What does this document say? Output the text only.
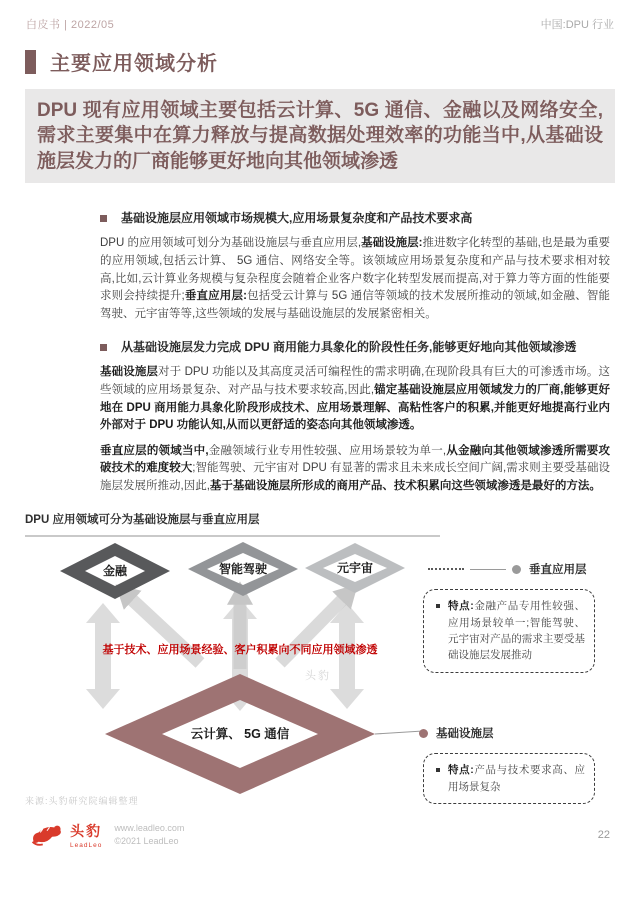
白皮书 | 2022/05	中国:DPU 行业
主要应用领域分析
DPU 现有应用领域主要包括云计算、5G 通信、金融以及网络安全,需求主要集中在算力释放与提高数据处理效率的功能当中,从基础设施层发力的厂商能够更好地向其他领域渗透
基础设施层应用领域市场规模大,应用场景复杂度和产品技术要求高

DPU 的应用领域可划分为基础设施层与垂直应用层,基础设施层:推进数字化转型的基础,也是最为重要的应用领域,包括云计算、 5G 通信、网络安全等。该领域应用场景复杂度和产品与技术要求相对较高,比如,云计算业务规模与复杂程度会随着企业客户数字化转型发展而提高,对于算力等方面的性能要求则会持续提升;垂直应用层:包括受云计算与 5G 通信等领域的技术发展所推动的领域,如金融、智能驾驶、元宇宙等等,这些领域的发展与基础设施层的发展紧密相关。

从基础设施层发力完成 DPU 商用能力具象化的阶段性任务,能够更好地向其他领域渗透

基础设施层对于 DPU 功能以及其高度灵活可编程性的需求明确,在现阶段具有巨大的可渗透市场。这些领域的应用场景复杂、对产品与技术要求较高,因此,锚定基础设施层应用领域发力的厂商,能够更好地在 DPU 商用能力具象化阶段形成技术、应用场景理解、高粘性客户的积累,并能更好地提高行业内外部对于 DPU 功能认知,从而以更舒适的姿态向其他领域渗透。

垂直应层的领域当中,金融领域行业专用性较强、应用场景较为单一,从金融向其他领域渗透所需要攻破技术的难度较大;智能驾驶、元宇宙对 DPU 有显著的需求且未来成长空间广阔,需求则主要受基础设施层发展所推动,因此,基于基础设施层所形成的商用产品、技术积累向这些领域渗透是最好的方法。

DPU 应用领域可分为基础设施层与垂直应用层
金融	智能驾驶	元宇宙
云计算、 5G 通信
基于技术、应用场景经验、客户积累向不同应用领域渗透
头豹
垂直应用层
特点:金融产品专用性较强、应用场景较单一;智能驾驶、元宇宙对产品的需求主要受基础设施层发展推动
基础设施层
特点:产品与技术要求高、应用场景复杂
来源:头豹研究院编辑整理
头豹
LeadLeo
www.leadleo.com
©2021 LeadLeo	22
